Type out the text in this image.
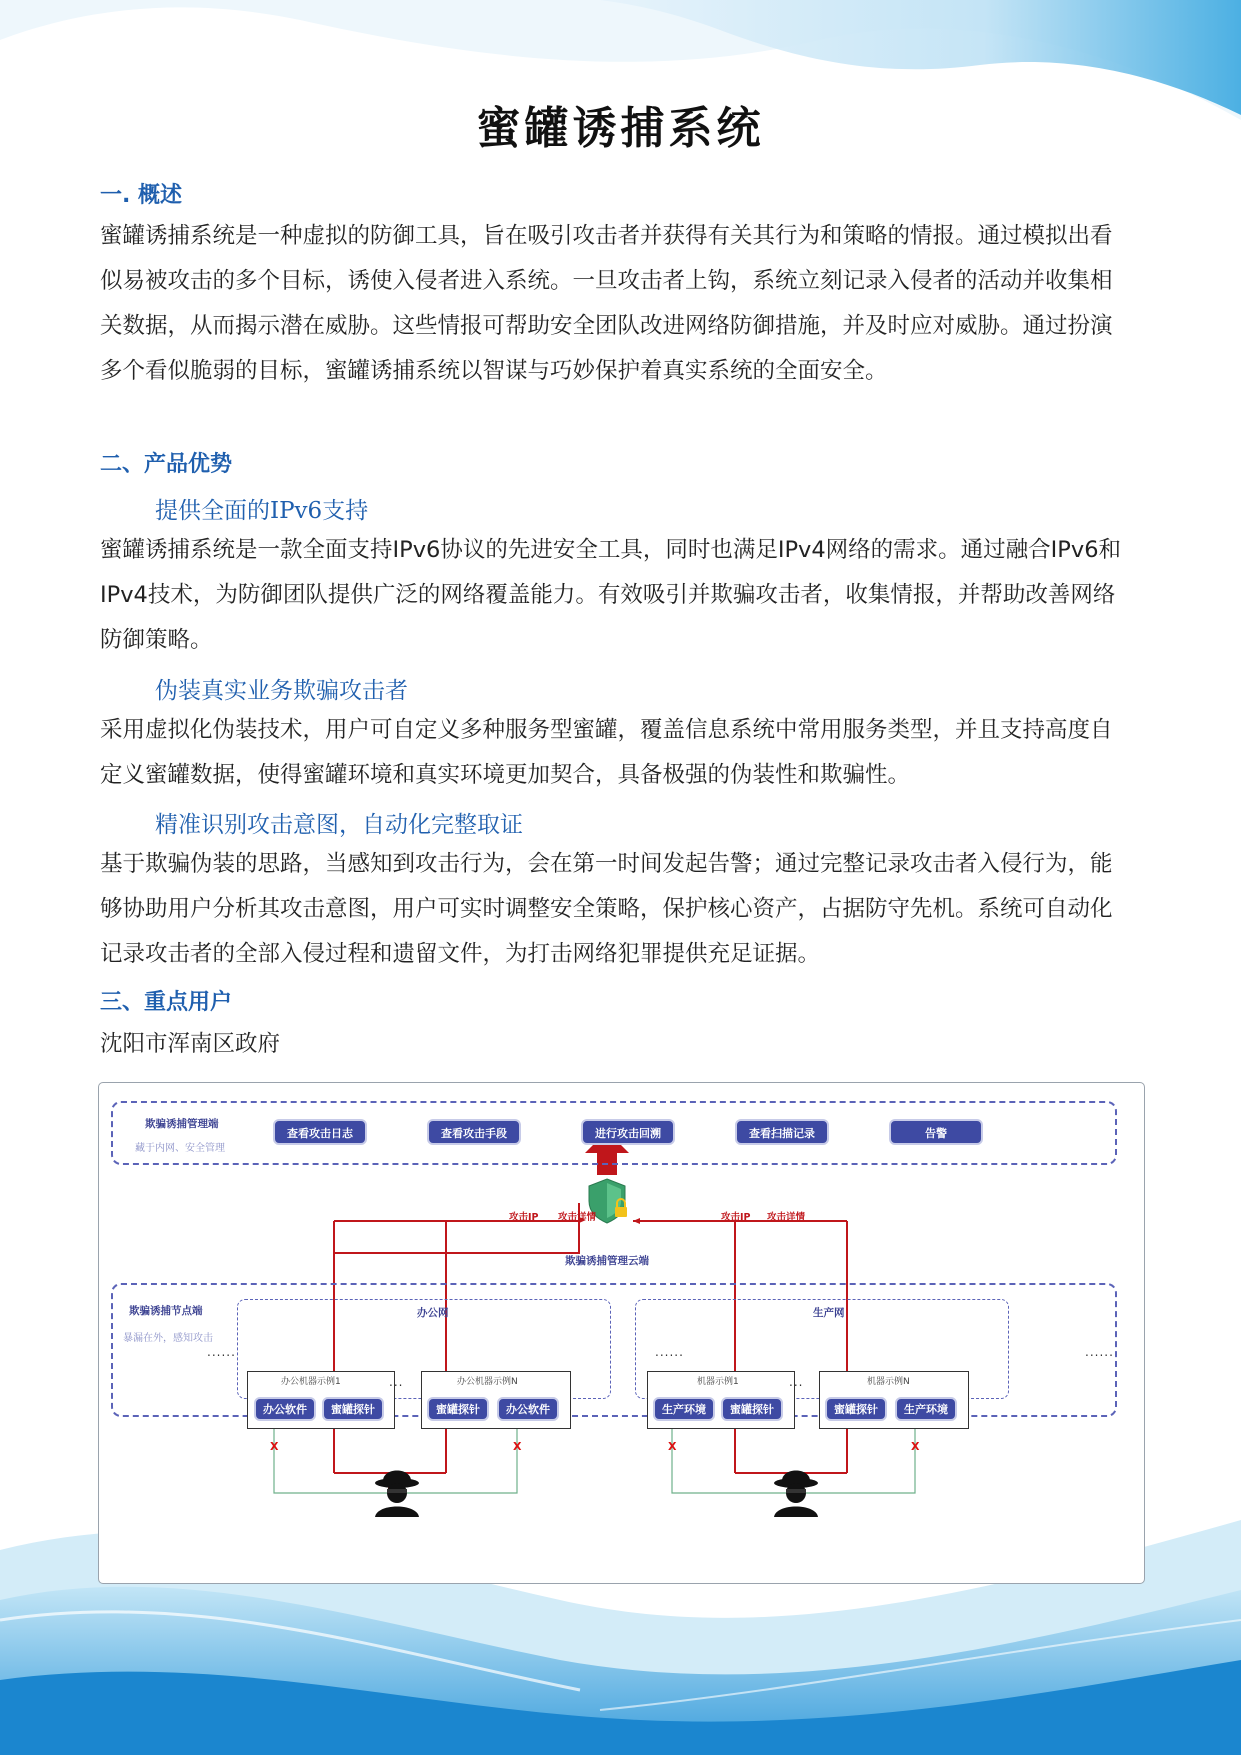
蜜罐诱捕系统
一. 概述
蜜罐诱捕系统是一种虚拟的防御工具，旨在吸引攻击者并获得有关其行为和策略的情报。通过模拟出看似易被攻击的多个目标，诱使入侵者进入系统。一旦攻击者上钩，系统立刻记录入侵者的活动并收集相关数据，从而揭示潜在威胁。这些情报可帮助安全团队改进网络防御措施，并及时应对威胁。通过扮演多个看似脆弱的目标，蜜罐诱捕系统以智谋与巧妙保护着真实系统的全面安全。
二、产品优势
提供全面的IPv6支持
蜜罐诱捕系统是一款全面支持IPv6协议的先进安全工具，同时也满足IPv4网络的需求。通过融合IPv6和IPv4技术，为防御团队提供广泛的网络覆盖能力。有效吸引并欺骗攻击者，收集情报，并帮助改善网络防御策略。
伪装真实业务欺骗攻击者
采用虚拟化伪装技术，用户可自定义多种服务型蜜罐，覆盖信息系统中常用服务类型，并且支持高度自定义蜜罐数据，使得蜜罐环境和真实环境更加契合，具备极强的伪装性和欺骗性。
精准识别攻击意图，自动化完整取证
基于欺骗伪装的思路，当感知到攻击行为，会在第一时间发起告警；通过完整记录攻击者入侵行为，能够协助用户分析其攻击意图，用户可实时调整安全策略，保护核心资产，占据防守先机。系统可自动化记录攻击者的全部入侵过程和遗留文件，为打击网络犯罪提供充足证据。
三、重点用户
沈阳市浑南区政府
欺骗诱捕管理端
藏于内网、安全管理
查看攻击日志	查看攻击手段	进行攻击回溯	查看扫描记录	告警
攻击IP 攻击详情	攻击IP 攻击详情
欺骗诱捕管理云端
欺骗诱捕节点端
暴漏在外，感知攻击
......	......	......
办公网
办公机器示例1
办公软件	蜜罐探针
...	办公机器示例N
蜜罐探针	办公软件
生产网
机器示例1
生产环境	蜜罐探针
...	机器示例N
蜜罐探针	生产环境
X	X	X	X
